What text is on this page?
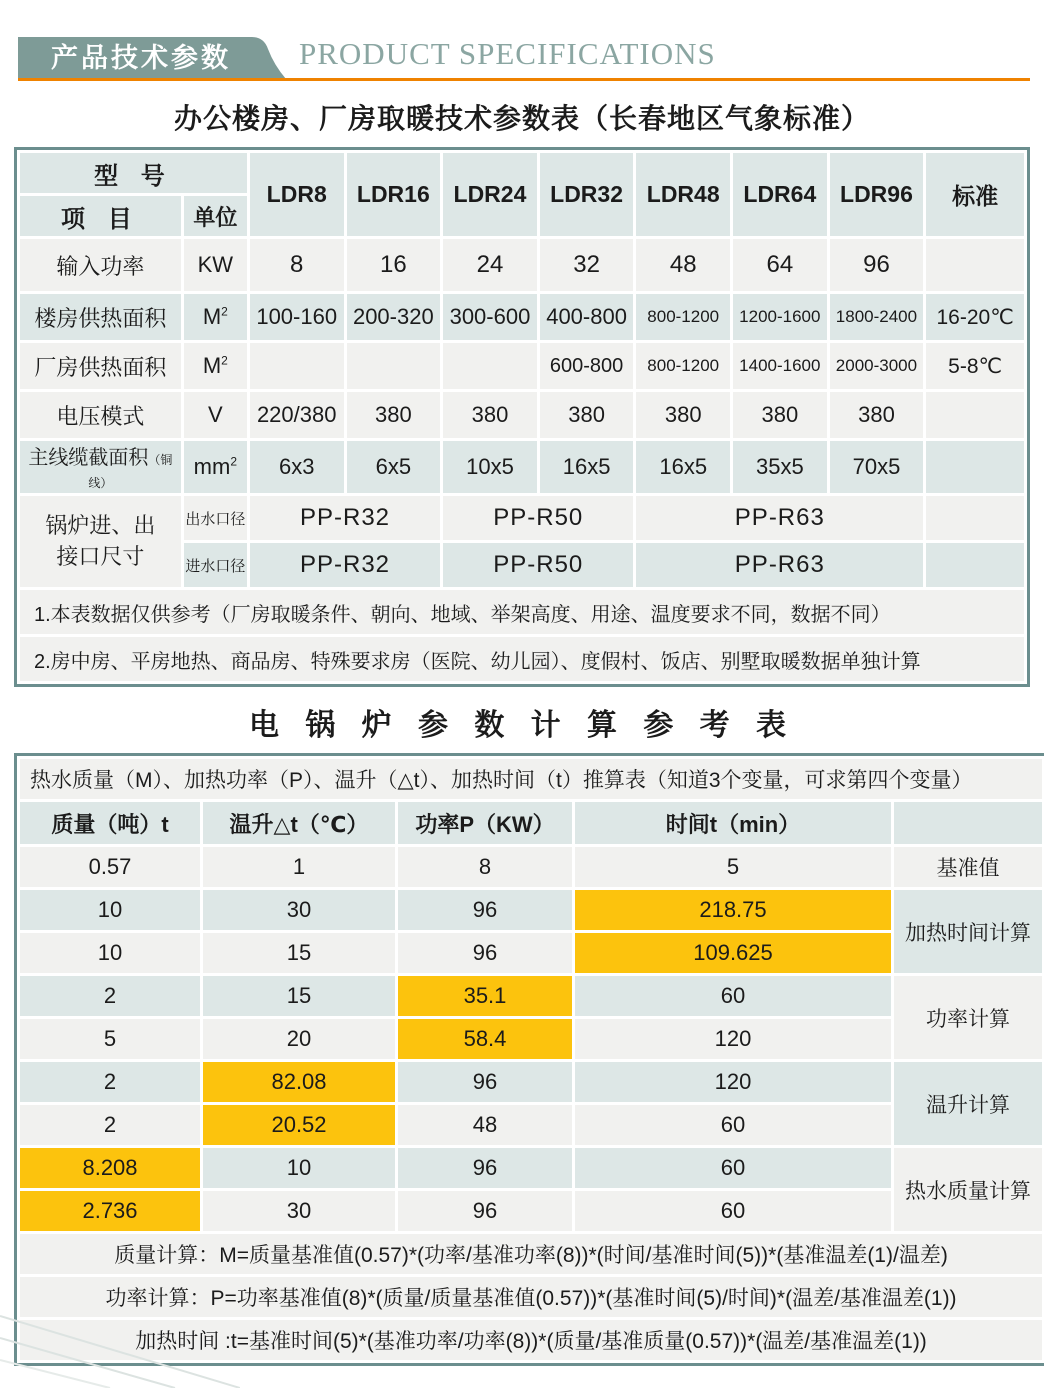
产品技术参数	PRODUCT SPECIFICATIONS
办公楼房、厂房取暖技术参数表（长春地区气象标准）
型 号		LDR8	LDR16	LDR24	LDR32	LDR48	LDR64	LDR96	标准
项 目	单位								
输入功率	KW	8	16	24	32	48	64	96	
楼房供热面积	$M^2$	100-160	200-320	300-600	400-800	800-1200	1200-1600	1800-2400	16-20℃
厂房供热面积	$M^2$				600-800	800-1200	1400-1600	2000-3000	5-8℃
电压模式	V	220/380	380	380	380	380	380	380	
主线缆截面积（铜线）	$mm^2$	6x3	6x5	10x5	16x5	16x5	35x5	70x5	
锅炉进、出
接口尺寸	出水口径	PP-R32		PP-R50		PP-R63			
	进水口径	PP-R32		PP-R50		PP-R63			
1.本表数据仅供参考（厂房取暖条件、朝向、地域、举架高度、用途、温度要求不同，数据不同）									
2.房中房、平房地热、商品房、特殊要求房（医院、幼儿园）、度假村、饭店、别墅取暖数据单独计算									
电 锅 炉 参 数 计 算 参 考 表
热水质量（M）、加热功率（P）、温升（△t）、加热时间（t）推算表（知道3个变量，可求第四个变量）				
质量（吨）t	温升△t（℃）	功率P（KW）	时间t（min）	
0.57	1	8	5	基准值
10	30	96	218.75	加热时间计算
10	15	96	109.625	
2	15	35.1	60	功率计算
5	20	58.4	120	
2	82.08	96	120	温升计算
2	20.52	48	60	
8.208	10	96	60	热水质量计算
2.736	30	96	60	
质量计算：M=质量基准值(0.57)*(功率/基准功率(8))*(时间/基准时间(5))*(基准温差(1)/温差)				
功率计算：P=功率基准值(8)*(质量/质量基准值(0.57))*(基准时间(5)/时间)*(温差/基准温差(1))				
加热时间 :t=基准时间(5)*(基准功率/功率(8))*(质量/基准质量(0.57))*(温差/基准温差(1))				
